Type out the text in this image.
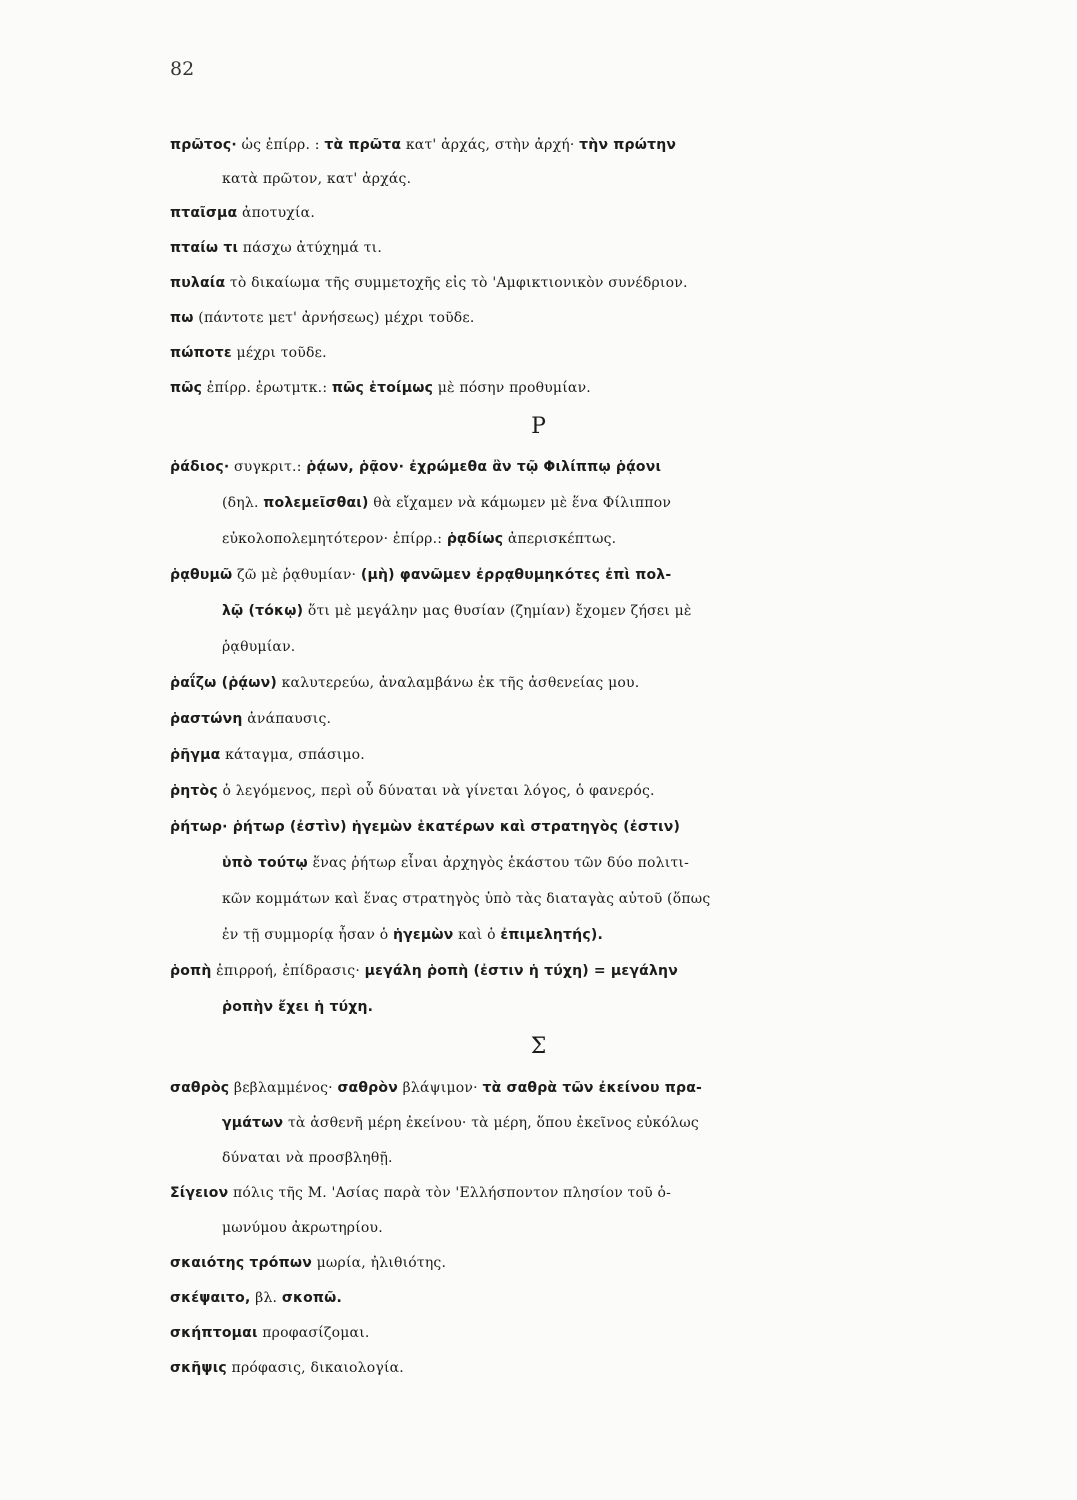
82
πρῶτος· ὡς ἐπίρρ. : τὰ πρῶτα κατ' ἀρχάς, στὴν ἀρχή· τὴν πρώτην
κατὰ πρῶτον, κατ' ἀρχάς.
πταῖσμα ἀποτυχία.
πταίω τι πάσχω ἀτύχημά τι.
πυλαία τὸ δικαίωμα τῆς συμμετοχῆς εἰς τὸ 'Αμφικτιονικὸν συνέδριον.
πω (πάντοτε μετ' ἀρνήσεως) μέχρι τοῦδε.
πώποτε μέχρι τοῦδε.
πῶς ἐπίρρ. ἐρωτμτκ.: πῶς ἑτοίμως μὲ πόσην προθυμίαν.
ῥάδιος· συγκριτ.: ῥᾴων, ῥᾷον· ἐχρώμεθα ἂν τῷ Φιλίππῳ ῥᾴονι
(δηλ. πολεμεῖσθαι) θὰ εἴχαμεν νὰ κάμωμεν μὲ ἕνα Φίλιππον
εὐκολοπολεμητότερον· ἐπίρρ.: ῥᾳδίως ἀπερισκέπτως.
ῥᾳθυμῶ ζῶ μὲ ῥᾳθυμίαν· (μὴ) φανῶμεν ἐρρᾳθυμηκότες ἐπὶ πολ-
λῷ (τόκῳ) ὅτι μὲ μεγάλην μας θυσίαν (ζημίαν) ἔχομεν ζήσει μὲ
ῥᾳθυμίαν.
ῥαΐζω (ῥᾴων) καλυτερεύω, ἀναλαμβάνω ἐκ τῆς ἀσθενείας μου.
ῥαστώνη ἀνάπαυσις.
ῥῆγμα κάταγμα, σπάσιμο.
ῥητὸς ὁ λεγόμενος, περὶ οὗ δύναται νὰ γίνεται λόγος, ὁ φανερός.
ῥήτωρ· ῥήτωρ (ἐστὶν) ἡγεμὼν ἑκατέρων καὶ στρατηγὸς (ἐστιν)
ὑπὸ τούτῳ ἕνας ῥήτωρ εἶναι ἀρχηγὸς ἑκάστου τῶν δύο πολιτι-
κῶν κομμάτων καὶ ἕνας στρατηγὸς ὑπὸ τὰς διαταγὰς αὐτοῦ (ὅπως
ἐν τῇ συμμορίᾳ ἦσαν ὁ ἡγεμὼν καὶ ὁ ἐπιμελητής).
ῥοπὴ ἐπιρροή, ἐπίδρασις· μεγάλη ῥοπὴ (ἐστιν ἡ τύχη) = μεγάλην
ῥοπὴν ἔχει ἡ τύχη.
σαθρὸς βεβλαμμένος· σαθρὸν βλάψιμον· τὰ σαθρὰ τῶν ἐκείνου πρα-
γμάτων τὰ ἀσθενῆ μέρη ἐκείνου· τὰ μέρη, ὅπου ἐκεῖνος εὐκόλως
δύναται νὰ προσβληθῇ.
Σίγειον πόλις τῆς Μ. 'Ασίας παρὰ τὸν 'Ελλήσποντον πλησίον τοῦ ὁ-
μωνύμου ἀκρωτηρίου.
σκαιότης τρόπων μωρία, ἠλιθιότης.
σκέψαιτο, βλ. σκοπῶ.
σκήπτομαι προφασίζομαι.
σκῆψις πρόφασις, δικαιολογία.
Ρ
Σ
